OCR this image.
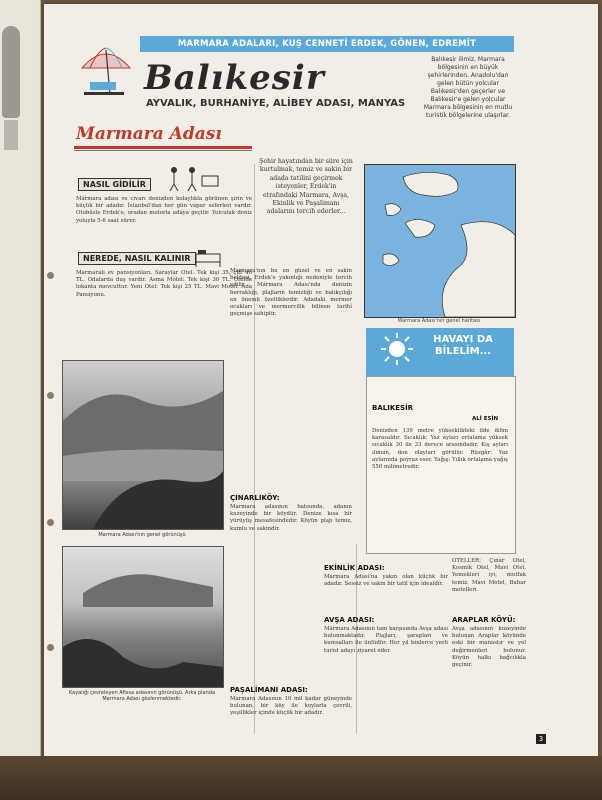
MARMARA ADALARI, KUŞ CENNETİ ERDEK, GÖNEN, EDREMİT
Balıkesir
AYVALIK, BURHANİYE, ALİBEY ADASI, MANYAS
Balıkesir ilimiz, Marmara bölgesinin en büyük şehirlerinden. Anadolu'dan gelen bütün yolcular Balıkesir'den geçerler ve Balıkesir'e gelen yolcular Marmara bölgesinin en mutlu turistik bölgelerine ulaşırlar.
Marmara Adası
NASIL GİDİLİR
Marmara adası ve civarı denizden kolaylıkla görünen şirin ve küçük bir adadır. İstanbul'dan her gün vapur seferleri vardır. Otobüsle Erdek'e, oradan motorla adaya geçilir. Yolculuk deniz yoluyla 5-6 saat sürer.
NEREDE, NASIL KALINIR
Marmaralı ev pansiyonları. Saraylar Otel. Tek kişi 35, çift 40 TL. Odalarda duş vardır. Asma Motel: Tek kişi 30 TL. Otelde lokanta mevcuttur. Yeni Otel: Tek kişi 25 TL. Mavi Motel. Ada Pansiyonu.
Marmara Adası'nın genel görünüşü
Kayalığı çevreleyen Afissa adasının görünüşü. Arka planda Marmara Adası gözlenmektedir.
Şehir hayatından bir süre için kurtulmak, temiz ve sakin bir adada tatilini geçirmek isteyenler, Erdek'in etrafındaki Marmara, Avşa, Ekinlik ve Paşalimanı adalarını tercih ederler...
Marmara'nın bu en güzel ve en sakin beldesi, Erdek'e yakınlığı nedeniyle tercih edilir. Marmara Adası'nda denizin berraklığı, plajların temizliği ve balıkçılığı en önemli özelliklerdir. Adadaki mermer ocakları ve mermercilik bilinen tarihî geçmişe sahiptir.
ÇINARLIKÖY:
Marmara adasının batısında, adanın kuzeyinde bir köydür. Denize kısa bir yürüyüş mesafesindedir. Köyün plajı temiz, kumlu ve sakindir.
PAŞALİMANI ADASI:
Marmara Adasının 10 mil kadar güneyinde bulunan, bir köy ile koylarla çevrili, yeşillikler içinde küçük bir adadır.
EKİNLİK ADASI:
Marmara Adası'na yakın olan küçük bir adadır. Sessiz ve sakin bir tatil için idealdir.
AVŞA ADASI:
Marmara Adasının tam karşısında Avşa adası bulunmaktadır. Plajları, şarapları ve kumsalları ile ünlüdür. Her yıl binlerce yerli turist adayı ziyaret eder.
Marmara Adası'nın genel haritası
HAVAYI DA BİLELİM...
BALIKESİR
ALİ ESİN
Denizden 139 metre yükseklikteki ilde iklim karasaldır. Sıcaklık: Yaz ayları ortalama yüksek sıcaklık 30 ile 33 derece arasındadır. Kış ayları ılıman, don olayları görülür. Rüzgâr: Yaz aylarında poyraz eser. Yağış: Yıllık ortalama yağış 550 milimetredir.
OTELLER: Çınar Otel, Kosmik Otel, Mavi Otel. Yemekleri iyi, mutfak temiz. Mavi Motel, Bahar motelleri.
ARAPLAR KÖYÜ:
Avşa adasının kuzeyinde bulunan Araplar köyünde eski bir manastır ve yel değirmenleri bulunur. Köyün halkı bağcılıkla geçinir.
3
